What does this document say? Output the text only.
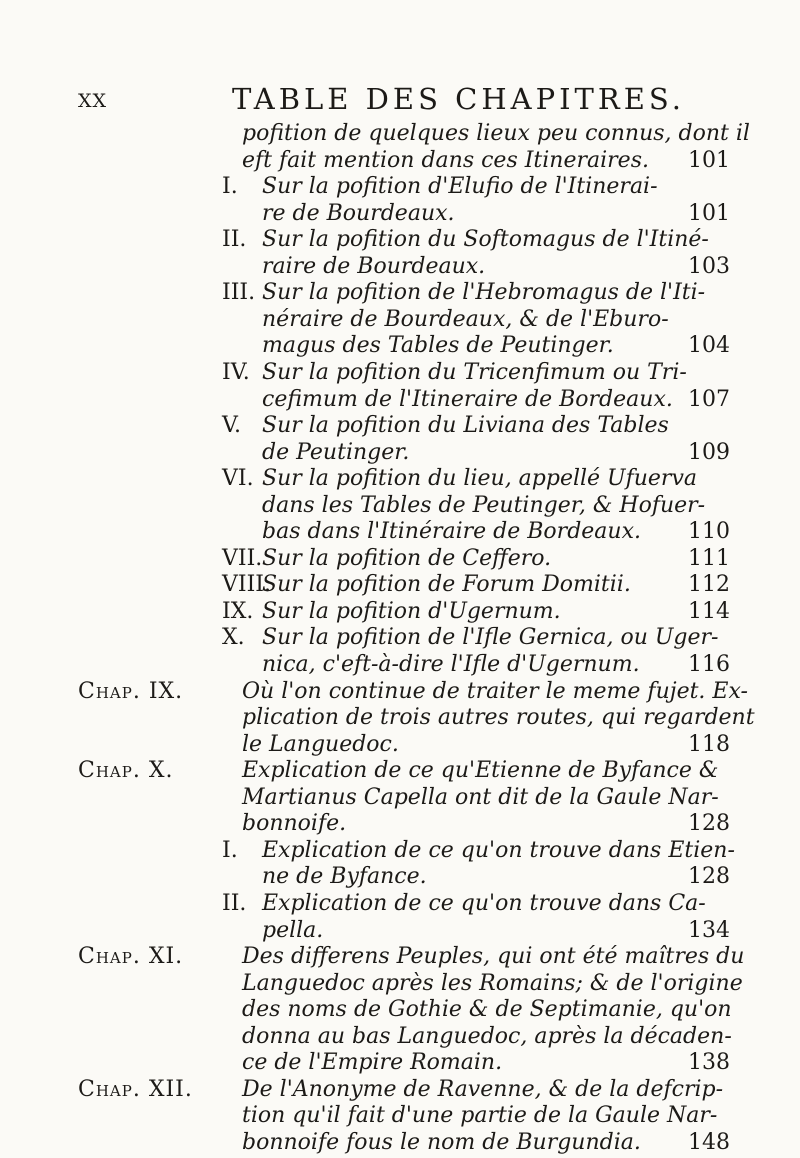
XX	TABLE DES CHAPITRES.
pofition de quelques lieux peu connus, dont il
eft fait mention dans ces Itineraires.	101
I. Sur la pofition d'Elufio de l'Itinerai-
re de Bourdeaux.	101
II. Sur la pofition du Softomagus de l'Itiné-
raire de Bourdeaux.	103
III. Sur la pofition de l'Hebromagus de l'Iti-
néraire de Bourdeaux, & de l'Eburo-
magus des Tables de Peutinger.	104
IV. Sur la pofition du Tricenfimum ou Tri-
cefimum de l'Itineraire de Bordeaux. 107
V. Sur la pofition du Liviana des Tables
de Peutinger.	109
VI. Sur la pofition du lieu, appellé Ufuerva
dans les Tables de Peutinger, & Hofuer-
bas dans l'Itinéraire de Bordeaux.	110
VII. Sur la pofition de Ceffero.	111
VIII.
Sur la pofition de Forum Domitii.	112
IX. Sur la pofition d'Ugernum.	114
X. Sur la pofition de l'Ifle Gernica, ou Uger-
nica, c'eft-à-dire l'Ifle d'Ugernum.	116
Chap. IX.	Où l'on continue de traiter le meme fujet. Ex-
plication de trois autres routes, qui regardent
le Languedoc.	118
Chap. X.	Explication de ce qu'Etienne de Byfance &
Martianus Capella ont dit de la Gaule Nar-
bonnoife.	128
I. Explication de ce qu'on trouve dans Etien-
ne de Byfance.	128
II. Explication de ce qu'on trouve dans Ca-
pella.	134
Chap. XI.	Des differens Peuples, qui ont été maîtres du
Languedoc après les Romains; & de l'origine
des noms de Gothie & de Septimanie, qu'on
donna au bas Languedoc, après la décaden-
ce de l'Empire Romain.	138
Chap. XII. De l'Anonyme de Ravenne, & de la defcrip-
tion qu'il fait d'une partie de la Gaule Nar-
bonnoife fous le nom de Burgundia.	148
